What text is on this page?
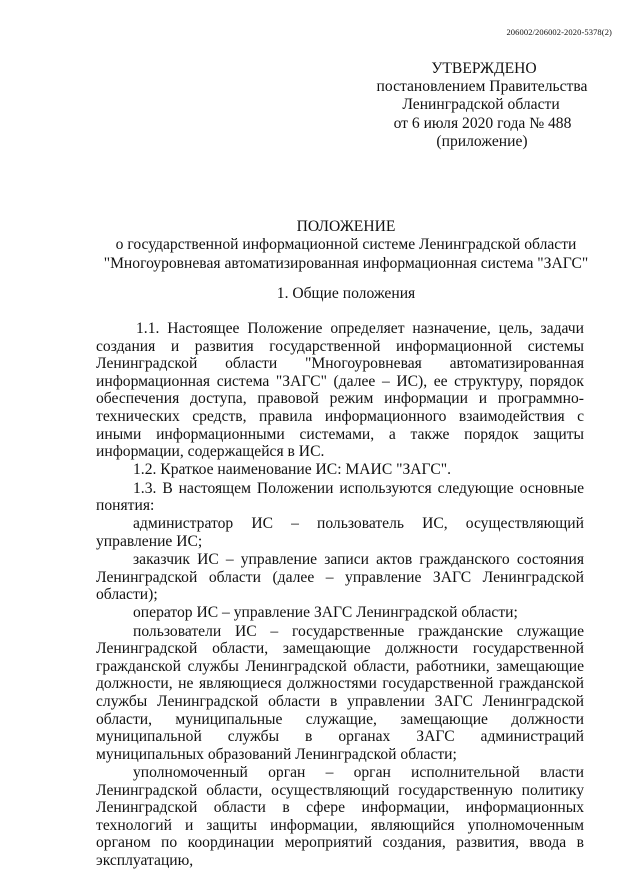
206002/206002-2020-5378(2)
УТВЕРЖДЕНО
постановлением Правительства
Ленинградской области
от 6 июля 2020 года № 488
(приложение)
ПОЛОЖЕНИЕ
о государственной информационной системе Ленинградской области
"Многоуровневая автоматизированная информационная система "ЗАГС"
1. Общие положения
1.1. Настоящее Положение определяет назначение, цель, задачи создания и развития государственной информационной системы Ленинградской области "Многоуровневая автоматизированная информационная система "ЗАГС" (далее – ИС), ее структуру, порядок обеспечения доступа, правовой режим информации и программно-технических средств, правила информационного взаимодействия с иными информационными системами, а также порядок защиты информации, содержащейся в ИС.
1.2. Краткое наименование ИС: МАИС "ЗАГС".
1.3. В настоящем Положении используются следующие основные понятия:
администратор ИС – пользователь ИС, осуществляющий управление ИС;
заказчик ИС – управление записи актов гражданского состояния Ленинградской области (далее – управление ЗАГС Ленинградской области);
оператор ИС – управление ЗАГС Ленинградской области;
пользователи ИС – государственные гражданские служащие Ленинградской области, замещающие должности государственной гражданской службы Ленинградской области, работники, замещающие должности, не являющиеся должностями государственной гражданской службы Ленинградской области в управлении ЗАГС Ленинградской области, муниципальные служащие, замещающие должности муниципальной службы в органах ЗАГС администраций муниципальных образований Ленинградской области;
уполномоченный орган – орган исполнительной власти Ленинградской области, осуществляющий государственную политику Ленинградской области в сфере информации, информационных технологий и защиты информации, являющийся уполномоченным органом по координации мероприятий создания, развития, ввода в эксплуатацию,
